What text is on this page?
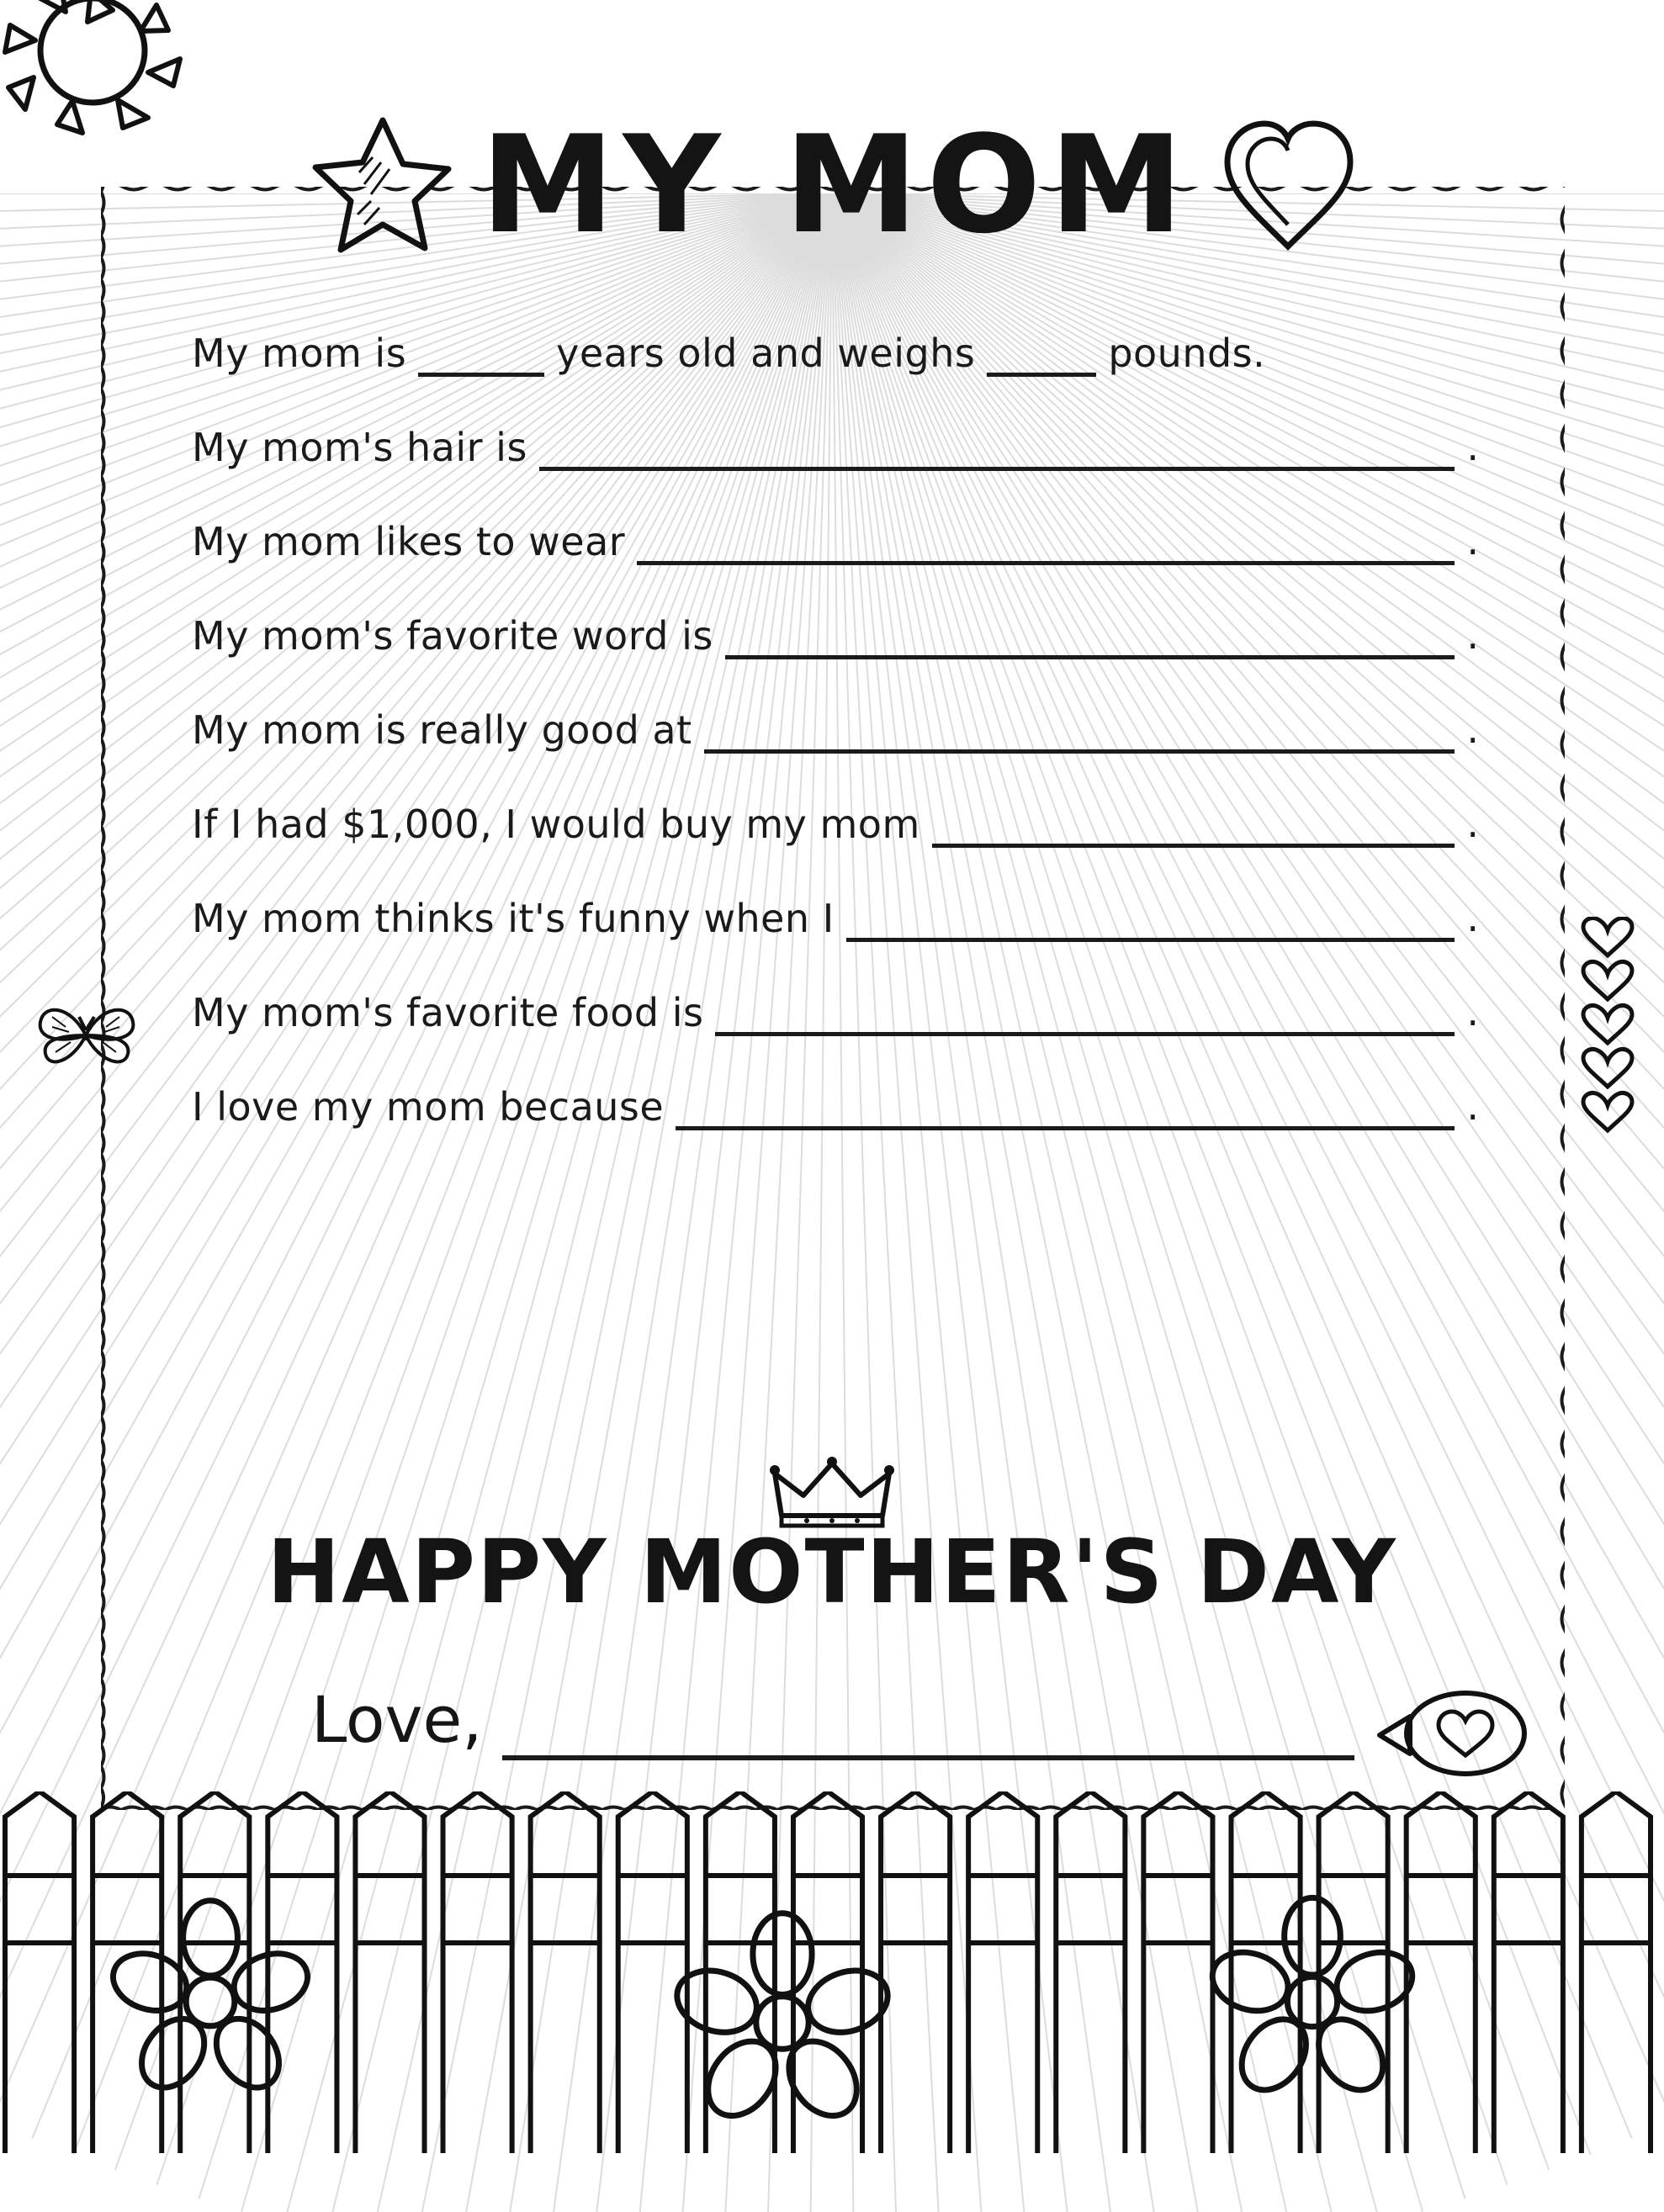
MY MOM
My mom is	years old and weighs	pounds.
My mom's hair is	.
My mom likes to wear	.
My mom's favorite word is	.
My mom is really good at	.
If I had $1,000, I would buy my mom	.
My mom thinks it's funny when I	.
My mom's favorite food is	.
I love my mom because	.
HAPPY MOTHER'S DAY
Love,
